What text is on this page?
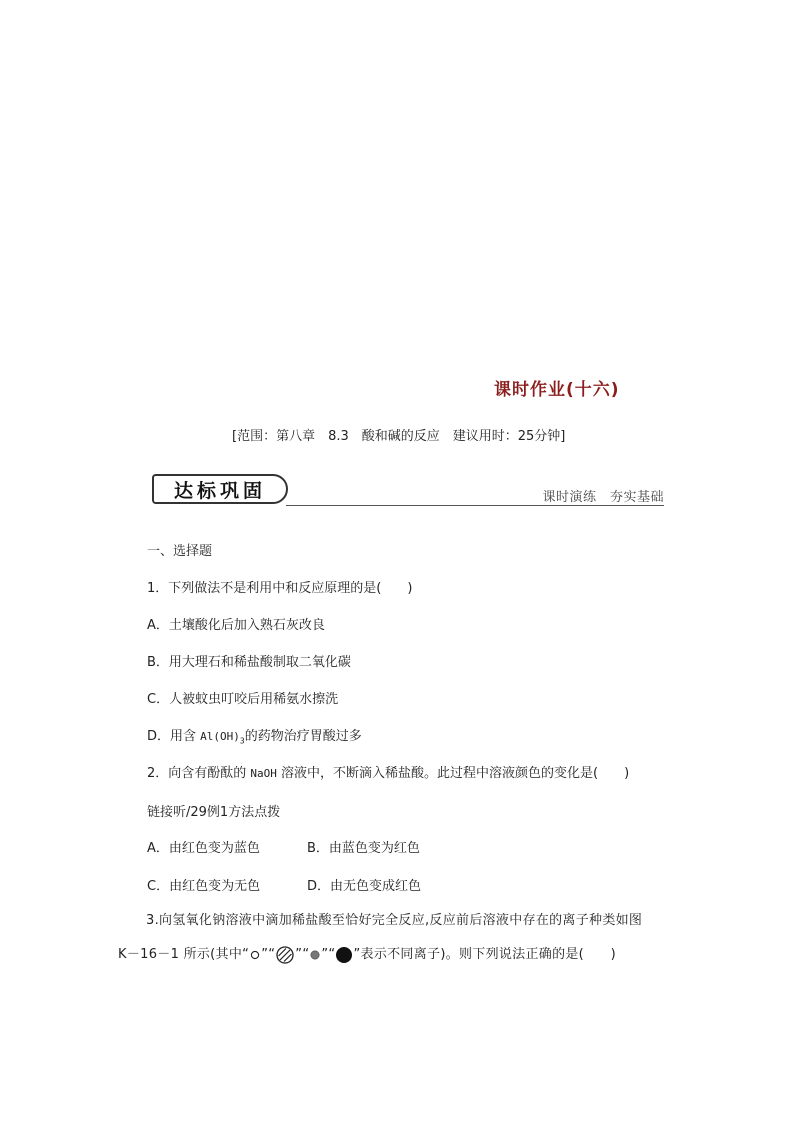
课时作业(十六)
[范围：第八章　8.3　酸和碱的反应　建议用时：25分钟]
达标巩固	课时演练　夯实基础
一、选择题
1．下列做法不是利用中和反应原理的是(　　)
A．土壤酸化后加入熟石灰改良
B．用大理石和稀盐酸制取二氧化碳
C．人被蚊虫叮咬后用稀氨水擦洗
D．用含 $Al(OH)_3$的药物治疗胃酸过多
2．向含有酚酞的 NaOH 溶液中，不断滴入稀盐酸。此过程中溶液颜色的变化是(　　)
链接听/29例1方法点拨
A．由红色变为蓝色	B．由蓝色变为红色
C．由红色变为无色	D．由无色变成红色
3.向氢氧化钠溶液中滴加稀盐酸至恰好完全反应,反应前后溶液中存在的离子种类如图
K－16－1 所示(其中“ ”“ ”“ ”“ ”表示不同离子)。则下列说法正确的是(　　)
